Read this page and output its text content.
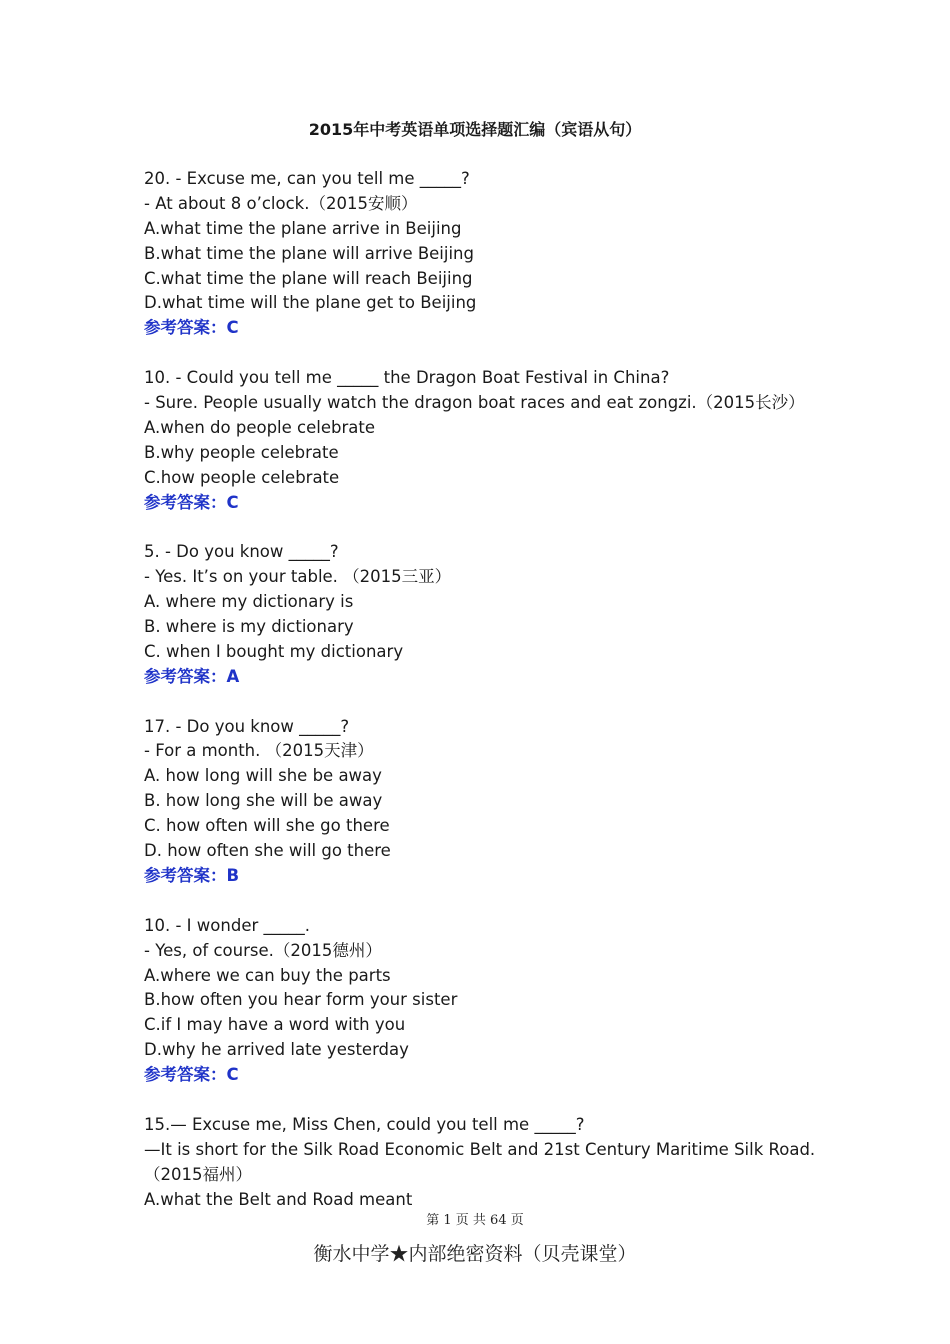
2015年中考英语单项选择题汇编（宾语从句）
20. - Excuse me, can you tell me _____?
- At about 8 o’clock.（2015安顺）
A.what time the plane arrive in Beijing
B.what time the plane will arrive Beijing
C.what time the plane will reach Beijing
D.what time will the plane get to Beijing
参考答案：C
10. - Could you tell me _____ the Dragon Boat Festival in China?
- Sure. People usually watch the dragon boat races and eat zongzi.（2015长沙）
A.when do people celebrate
B.why people celebrate
C.how people celebrate
参考答案：C
5. - Do you know _____?
- Yes. It’s on your table. （2015三亚）
A. where my dictionary is
B. where is my dictionary
C. when I bought my dictionary
参考答案：A
17. - Do you know _____?
- For a month. （2015天津）
A. how long will she be away
B. how long she will be away
C. how often will she go there
D. how often she will go there
参考答案：B
10. - I wonder _____.
- Yes, of course.（2015德州）
A.where we can buy the parts
B.how often you hear form your sister
C.if I may have a word with you
D.why he arrived late yesterday
参考答案：C
15.— Excuse me, Miss Chen, could you tell me _____?
—It is short for the Silk Road Economic Belt and 21st Century Maritime Silk Road.
（2015福州）
A.what the Belt and Road meant
第 1 页 共 64 页
衡水中学★内部绝密资料（贝壳课堂）
